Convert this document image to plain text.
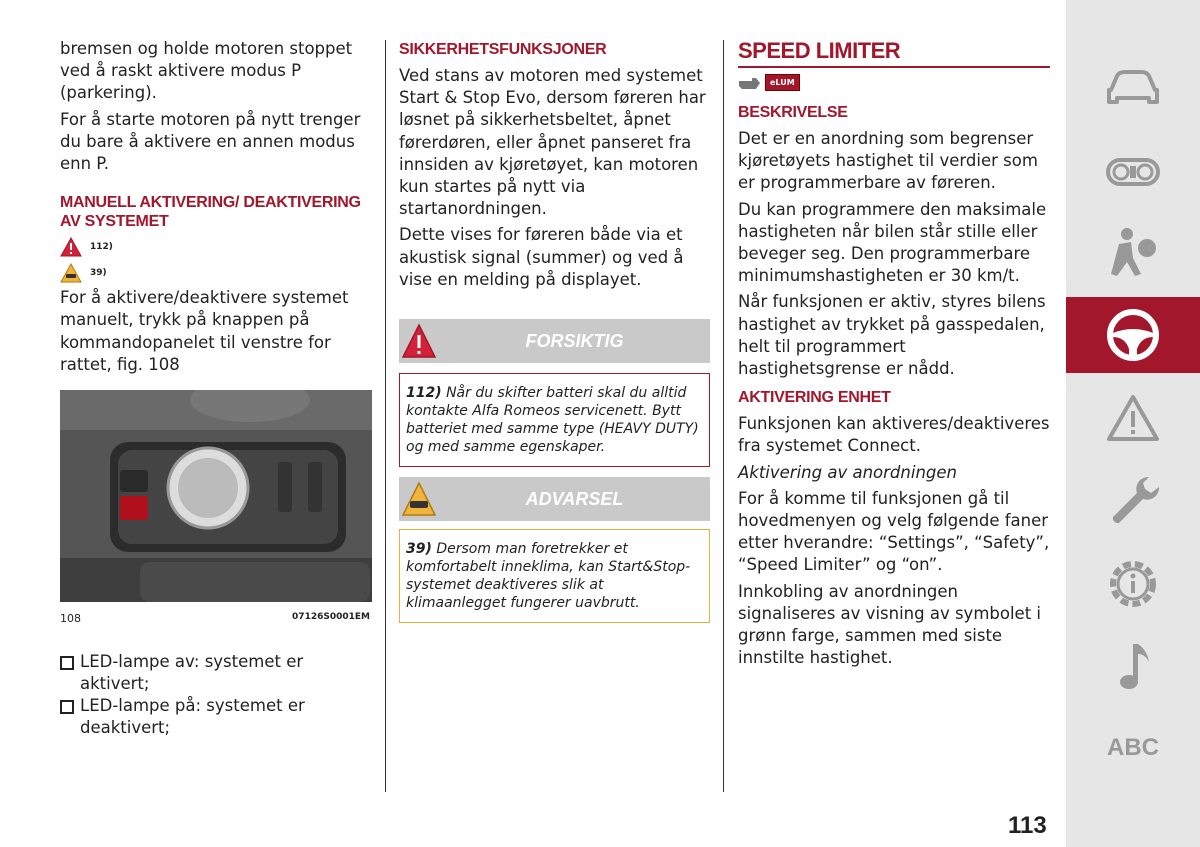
bremsen og holde motoren stoppet ved å raskt aktivere modus P (parkering).

For å starte motoren på nytt trenger du bare å aktivere en annen modus enn P.

MANUELL AKTIVERING/ DEAKTIVERING AV SYSTEMET
112)
39)

For å aktivere/deaktivere systemet manuelt, trykk på knappen på kommandopanelet til venstre for rattet, fig. 108

108	07126S0001EM
LED-lampe av: systemet er aktivert;
LED-lampe på: systemet er deaktivert;
SIKKERHETSFUNKSJONER

Ved stans av motoren med systemet Start & Stop Evo, dersom føreren har løsnet på sikkerhetsbeltet, åpnet førerdøren, eller åpnet panseret fra innsiden av kjøretøyet, kan motoren kun startes på nytt via startanordningen.

Dette vises for føreren både via et akustisk signal (summer) og ved å vise en melding på displayet.

FORSIKTIG
112) Når du skifter batteri skal du alltid kontakte Alfa Romeos servicenett. Bytt batteriet med samme type (HEAVY DUTY) og med samme egenskaper.
ADVARSEL
39) Dersom man foretrekker et komfortabelt inneklima, kan Start&Stop-systemet deaktiveres slik at klimaanlegget fungerer uavbrutt.
SPEED LIMITER
eLUM
BESKRIVELSE

Det er en anordning som begrenser kjøretøyets hastighet til verdier som er programmerbare av føreren.

Du kan programmere den maksimale hastigheten når bilen står stille eller beveger seg. Den programmerbare minimumshastigheten er 30 km/t.

Når funksjonen er aktiv, styres bilens hastighet av trykket på gasspedalen, helt til programmert hastighetsgrense er nådd.

AKTIVERING ENHET

Funksjonen kan aktiveres/deaktiveres fra systemet Connect.

Aktivering av anordningen

For å komme til funksjonen gå til hovedmenyen og velg følgende faner etter hverandre: “Settings”, “Safety”, “Speed Limiter” og “on”.

Innkobling av anordningen signaliseres av visning av symbolet i grønn farge, sammen med siste innstilte hastighet.

113
ABC
